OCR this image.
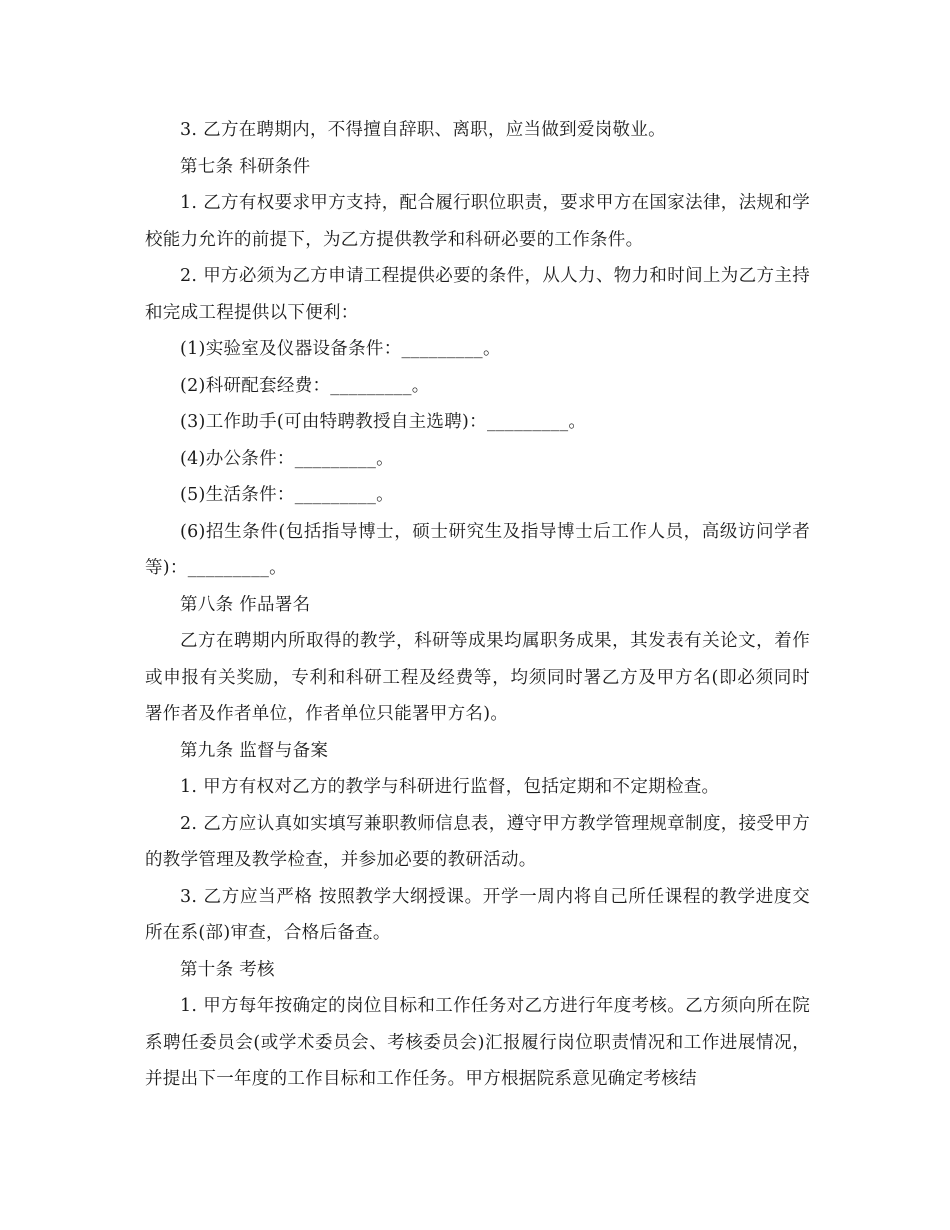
3. 乙方在聘期内，不得擅自辞职、离职，应当做到爱岗敬业。

第七条 科研条件

1. 乙方有权要求甲方支持，配合履行职位职责，要求甲方在国家法律，法规和学校能力允许的前提下，为乙方提供教学和科研必要的工作条件。

2. 甲方必须为乙方申请工程提供必要的条件，从人力、物力和时间上为乙方主持和完成工程提供以下便利：

(1)实验室及仪器设备条件：_________。

(2)科研配套经费：_________。

(3)工作助手(可由特聘教授自主选聘)：_________。

(4)办公条件：_________。

(5)生活条件：_________。

(6)招生条件(包括指导博士，硕士研究生及指导博士后工作人员，高级访问学者等)：_________。

第八条 作品署名

乙方在聘期内所取得的教学，科研等成果均属职务成果，其发表有关论文，着作或申报有关奖励，专利和科研工程及经费等，均须同时署乙方及甲方名(即必须同时署作者及作者单位，作者单位只能署甲方名)。

第九条 监督与备案

1. 甲方有权对乙方的教学与科研进行监督，包括定期和不定期检查。

2. 乙方应认真如实填写兼职教师信息表，遵守甲方教学管理规章制度，接受甲方的教学管理及教学检查，并参加必要的教研活动。

3. 乙方应当严格 按照教学大纲授课。开学一周内将自己所任课程的教学进度交所在系(部)审查，合格后备查。

第十条 考核

1. 甲方每年按确定的岗位目标和工作任务对乙方进行年度考核。乙方须向所在院系聘任委员会(或学术委员会、考核委员会)汇报履行岗位职责情况和工作进展情况，并提出下一年度的工作目标和工作任务。甲方根据院系意见确定考核结
